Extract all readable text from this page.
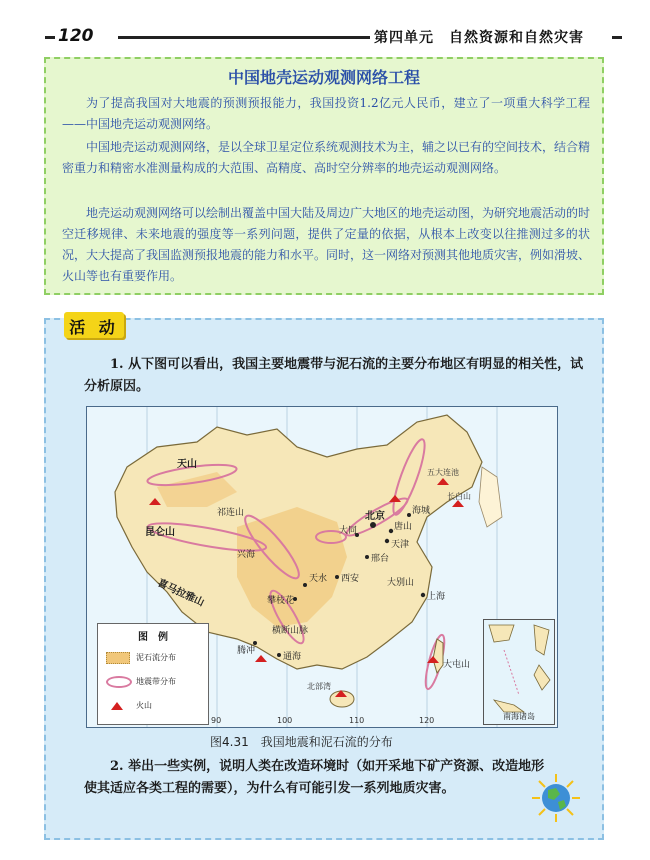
120	第四单元　自然资源和自然灾害
中国地壳运动观测网络工程

为了提高我国对大地震的预测预报能力，我国投资1.2亿元人民币，建立了一项重大科学工程——中国地壳运动观测网络。

中国地壳运动观测网络，是以全球卫星定位系统观测技术为主，辅之以已有的空间技术，结合精密重力和精密水准测量构成的大范围、高精度、高时空分辨率的地壳运动观测网络。

地壳运动观测网络可以绘制出覆盖中国大陆及周边广大地区的地壳运动图，为研究地震活动的时空迁移规律、未来地震的强度等一系列问题，提供了定量的依据，从根本上改变以往推测过多的状况，大大提高了我国监测预报地震的能力和水平。同时，这一网络对预测其他地质灾害，例如滑坡、火山等也有重要作用。

活 动

1. 从下图可以看出，我国主要地震带与泥石流的主要分布地区有明显的相关性，试分析原因。

北京
唐山
天津
大同
邢台
海城
上海
西安
天水
兴海
攀枝花
腾冲
通海
大屯山
横断山脉
昆仑山
祁连山
天山
喜马拉雅山
北部湾
大别山
五大连池
长白山
90	100	110	120
图　例
泥石流分布
地震带分布
火山
南海诸岛
图4.31　我国地震和泥石流的分布

2. 举出一些实例，说明人类在改造环境时（如开采地下矿产资源、改造地形使其适应各类工程的需要），为什么有可能引发一系列地质灾害。
